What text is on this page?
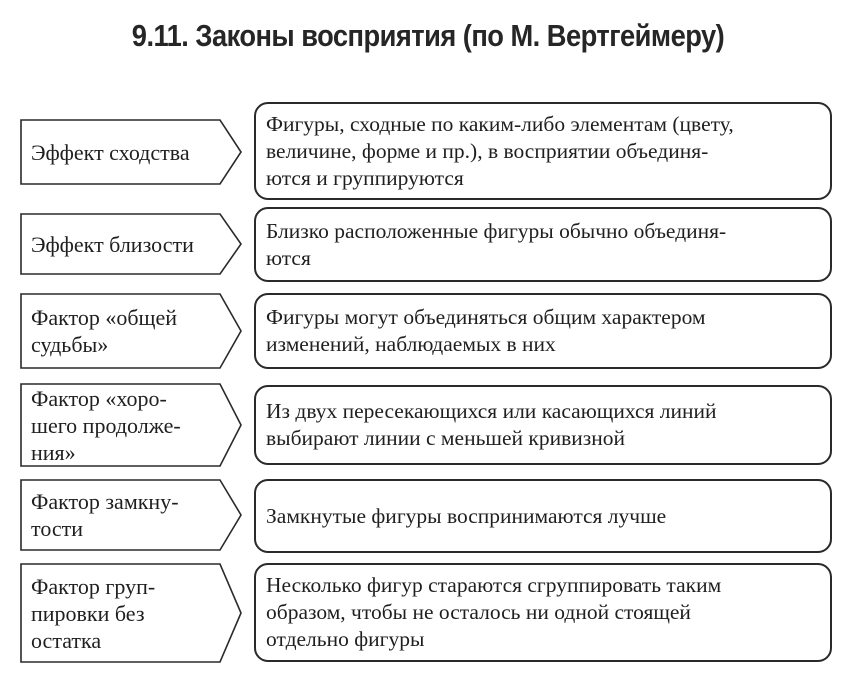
9.11. Законы восприятия (по М. Вертгеймеру)
Эффект сходства
Фигуры, сходные по каким-либо элементам (цвету,
величине, форме и пр.), в восприятии объединя-
ются и группируются
Эффект близости
Близко расположенные фигуры обычно объединя-
ются
Фактор «общей
судьбы»
Фигуры могут объединяться общим характером
изменений, наблюдаемых в них
Фактор «хоро-
шего продолже-
ния»
Из двух пересекающихся или касающихся линий
выбирают линии с меньшей кривизной
Фактор замкну-
тости
Замкнутые фигуры воспринимаются лучше
Фактор груп-
пировки без
остатка
Несколько фигур стараются сгруппировать таким
образом, чтобы не осталось ни одной стоящей
отдельно фигуры
